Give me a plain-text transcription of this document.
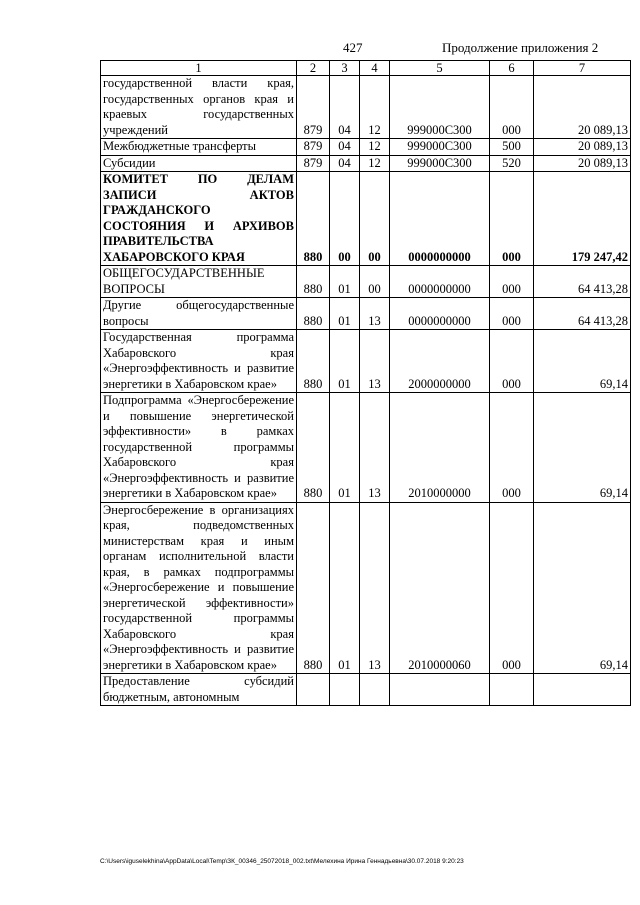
427	Продолжение приложения 2
1	2	3	4	5	6	7
государственной власти края, государственных органов края и краевых государственных учреждений	879	04	12	999000С300	000	20 089,13
Межбюджетные трансферты	879	04	12	999000С300	500	20 089,13
Субсидии	879	04	12	999000С300	520	20 089,13
КОМИТЕТ ПО ДЕЛАМ ЗАПИСИ АКТОВ ГРАЖДАНСКОГО СОСТОЯНИЯ И АРХИВОВ ПРАВИТЕЛЬСТВА ХАБАРОВСКОГО КРАЯ	880	00	00	0000000000	000	179 247,42
ОБЩЕГОСУДАРСТВЕННЫЕ ВОПРОСЫ	880	01	00	0000000000	000	64 413,28
Другие общегосударственные вопросы	880	01	13	0000000000	000	64 413,28
Государственная программа Хабаровского края «Энергоэффективность и развитие энергетики в Хабаровском крае»	880	01	13	2000000000	000	69,14
Подпрограмма «Энергосбережение и повышение энергетической эффективности» в рамках государственной программы Хабаровского края «Энергоэффективность и развитие энергетики в Хабаровском крае»	880	01	13	2010000000	000	69,14
Энергосбережение в организациях края, подведомственных министерствам края и иным органам исполнительной власти края, в рамках подпрограммы «Энергосбережение и повышение энергетической эффективности» государственной программы Хабаровского края «Энергоэффективность и развитие энергетики в Хабаровском крае»	880	01	13	2010000060	000	69,14
Предоставление субсидий бюджетным, автономным						
C:\Users\iguselekhina\AppData\Local\Temp\ЗК_00346_25072018_002.txt\Мелехина Ирина Геннадьевна\30.07.2018 9:20:23
